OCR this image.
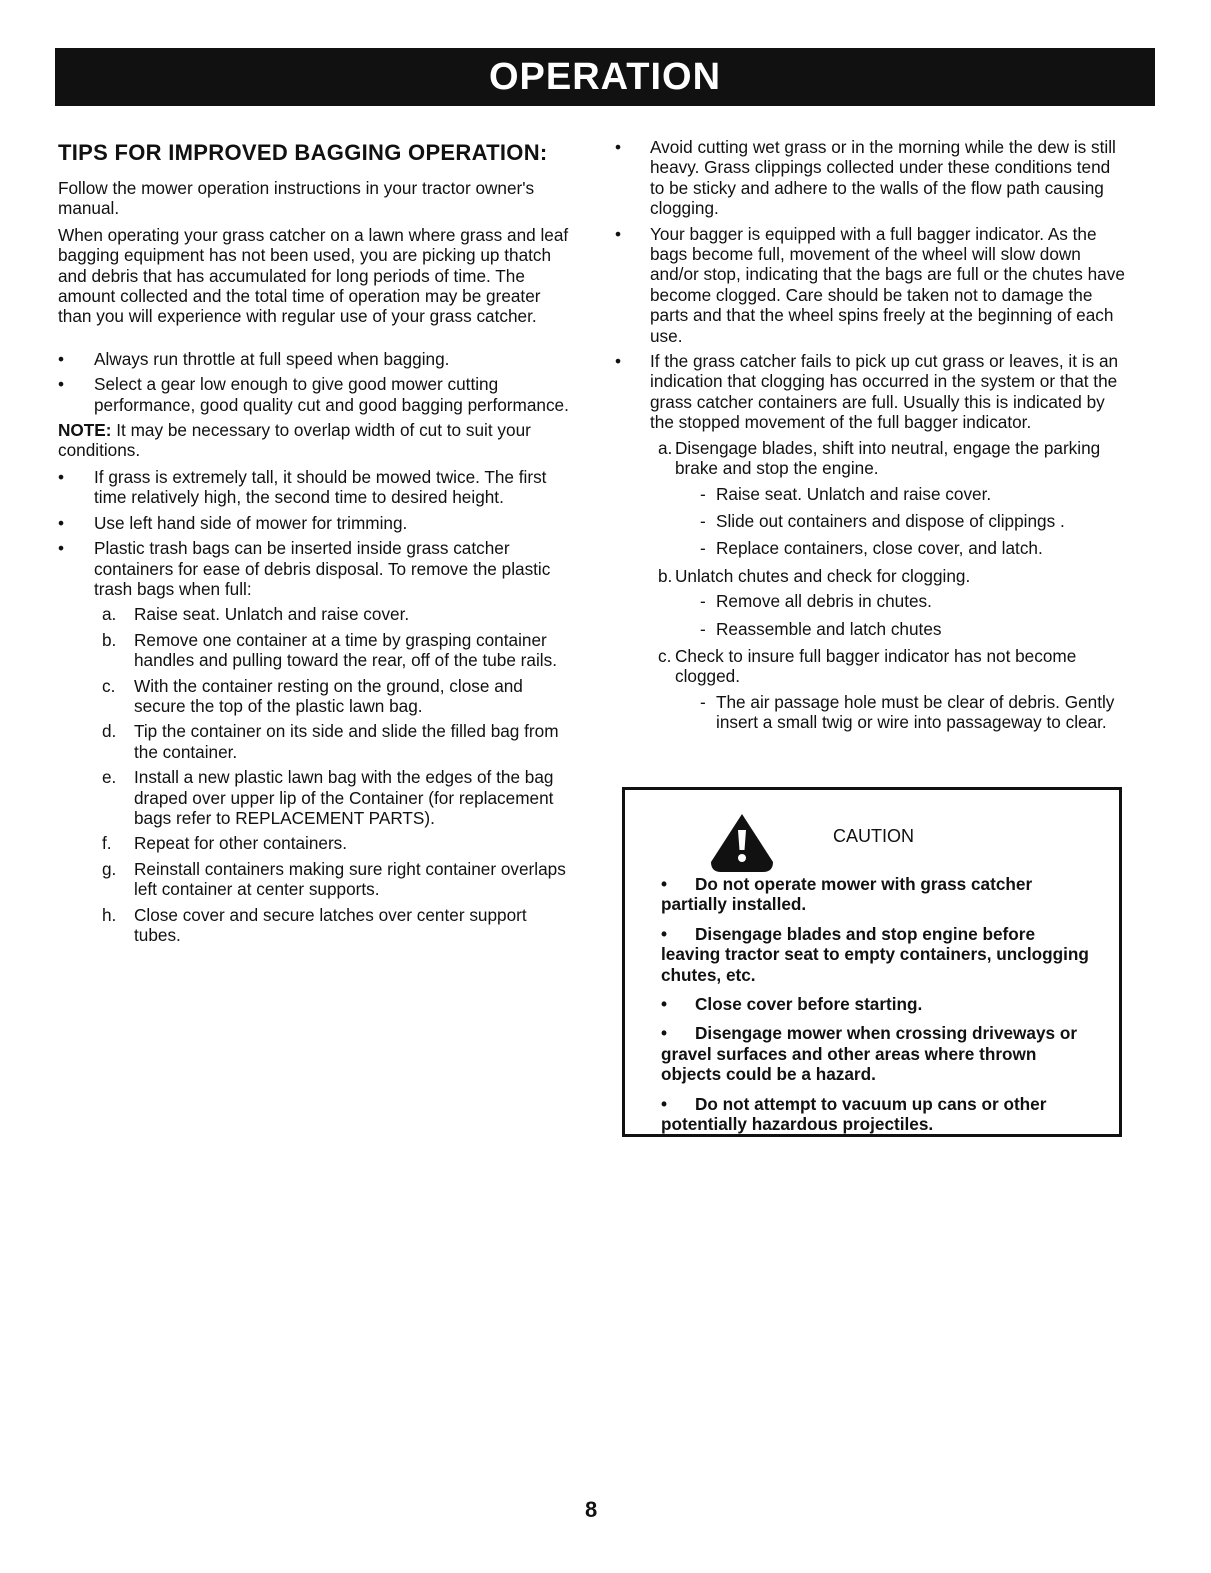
OPERATION
TIPS FOR IMPROVED BAGGING OPERATION:

Follow the mower operation instructions in your tractor owner's manual.

When operating your grass catcher on a lawn where grass and leaf bagging equipment has not been used, you are picking up thatch and debris that has accumulated for long periods of time. The amount collected and the total time of operation may be greater than you will experience with regular use of your grass catcher.

•	Always run throttle at full speed when bagging.
•	Select a gear low enough to give good mower cutting performance, good quality cut and good bagging performance.

NOTE: It may be necessary to overlap width of cut to suit your conditions.

•	If grass is extremely tall, it should be mowed twice. The first time relatively high, the second time to desired height.
•	Use left hand side of mower for trimming.
•	Plastic trash bags can be inserted inside grass catcher containers for ease of debris disposal. To remove the plastic trash bags when full:
a. Raise seat. Unlatch and raise cover.
b. Remove one container at a time by grasping container handles and pulling toward the rear, off of the tube rails.
c. With the container resting on the ground, close and secure the top of the plastic lawn bag.
d. Tip the container on its side and slide the filled bag from the container.
e. Install a new plastic lawn bag with the edges of the bag draped over upper lip of the Container (for replacement bags refer to REPLACEMENT PARTS).
f. Repeat for other containers.
g. Reinstall containers making sure right container overlaps left container at center supports.
h. Close cover and secure latches over center support tubes.
•	Avoid cutting wet grass or in the morning while the dew is still heavy. Grass clippings collected under these conditions tend to be sticky and adhere to the walls of the flow path causing clogging.
•	Your bagger is equipped with a full bagger indicator. As the bags become full, movement of the wheel will slow down and/or stop, indicating that the bags are full or the chutes have become clogged. Care should be taken not to damage the parts and that the wheel spins freely at the beginning of each use.
•	If the grass catcher fails to pick up cut grass or leaves, it is an indication that clogging has occurred in the system or that the grass catcher containers are full. Usually this is indicated by the stopped movement of the full bagger indicator.
a. Disengage blades, shift into neutral, engage the parking brake and stop the engine.
- Raise seat. Unlatch and raise cover.
- Slide out containers and dispose of clippings .
- Replace containers, close cover, and latch.
b. Unlatch chutes and check for clogging.
- Remove all debris in chutes.
- Reassemble and latch chutes
c. Check to insure full bagger indicator has not become clogged.
- The air passage hole must be clear of debris. Gently insert a small twig or wire into passageway to clear.
CAUTION

• Do not operate mower with grass catcher partially installed.

• Disengage blades and stop engine before leaving tractor seat to empty containers, unclogging chutes, etc.

• Close cover before starting.

• Disengage mower when crossing driveways or gravel surfaces and other areas where thrown objects could be a hazard.

• Do not attempt to vacuum up cans or other potentially hazardous projectiles.

8
